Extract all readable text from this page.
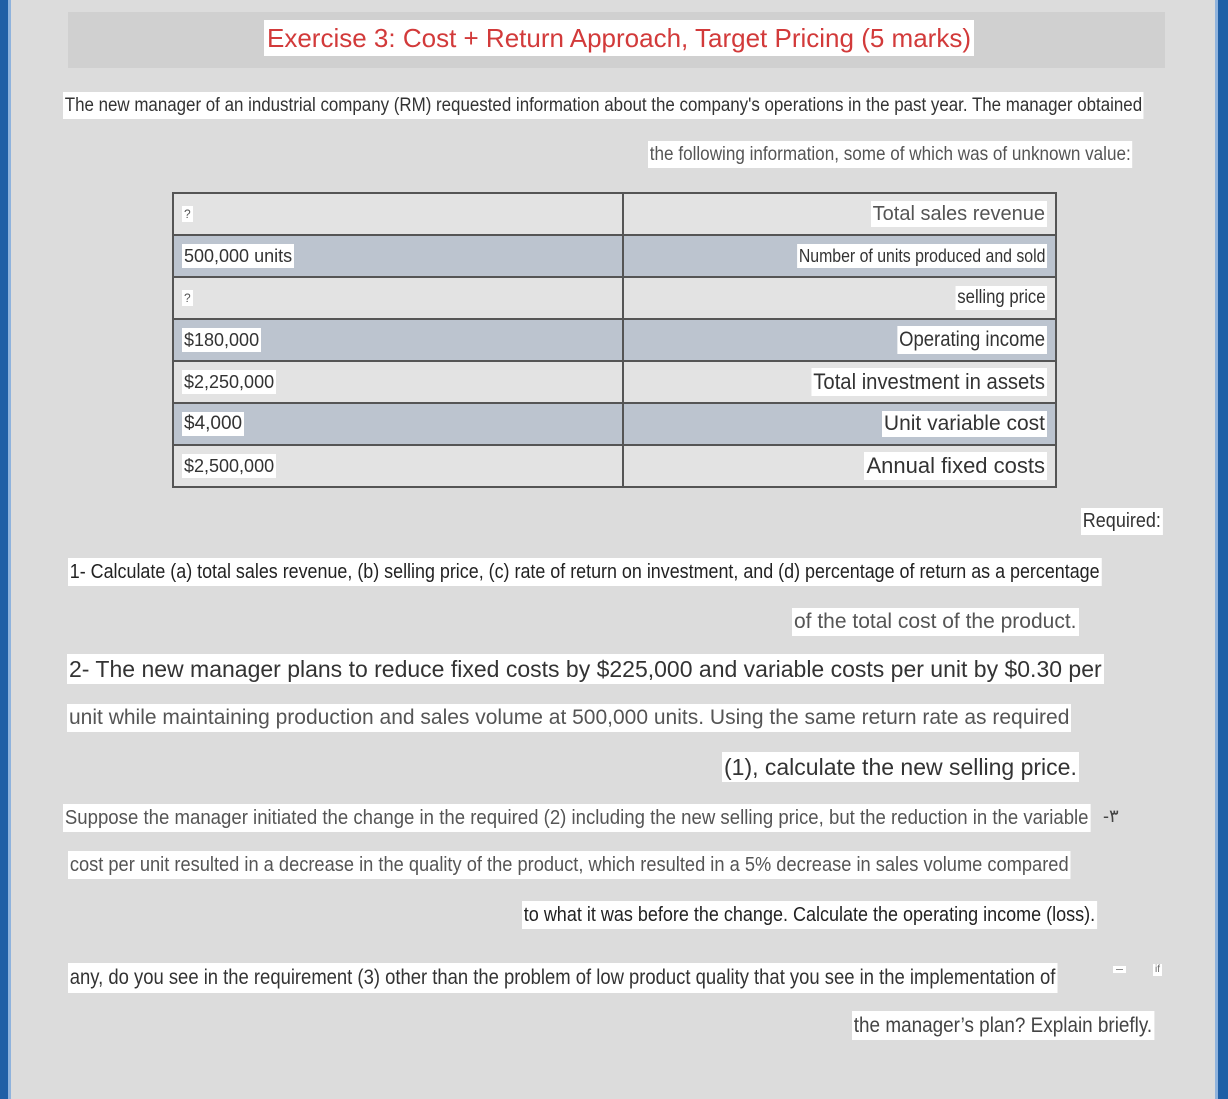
Exercise 3: Cost + Return Approach, Target Pricing (5 marks)
The new manager of an industrial company (RM) requested information about the company's operations in the past year. The manager obtained
the following information, some of which was of unknown value:
?	Total sales revenue
500,000 units	Number of units produced and sold
?	selling price
$180,000	Operating income
$2,250,000	Total investment in assets
$4,000	Unit variable cost
$2,500,000	Annual fixed costs
Required:
1- Calculate (a) total sales revenue, (b) selling price, (c) rate of return on investment, and (d) percentage of return as a percentage
of the total cost of the product.
2- The new manager plans to reduce fixed costs by $225,000 and variable costs per unit by $0.30 per
unit while maintaining production and sales volume at 500,000 units. Using the same return rate as required
(1), calculate the new selling price.
Suppose the manager initiated the change in the required (2) including the new selling price, but the reduction in the variable -٣
cost per unit resulted in a decrease in the quality of the product, which resulted in a 5% decrease in sales volume compared
to what it was before the change. Calculate the operating income (loss).
any, do you see in the requirement (3) other than the problem of low product quality that you see in the implementation of	if
the manager’s plan? Explain briefly.
